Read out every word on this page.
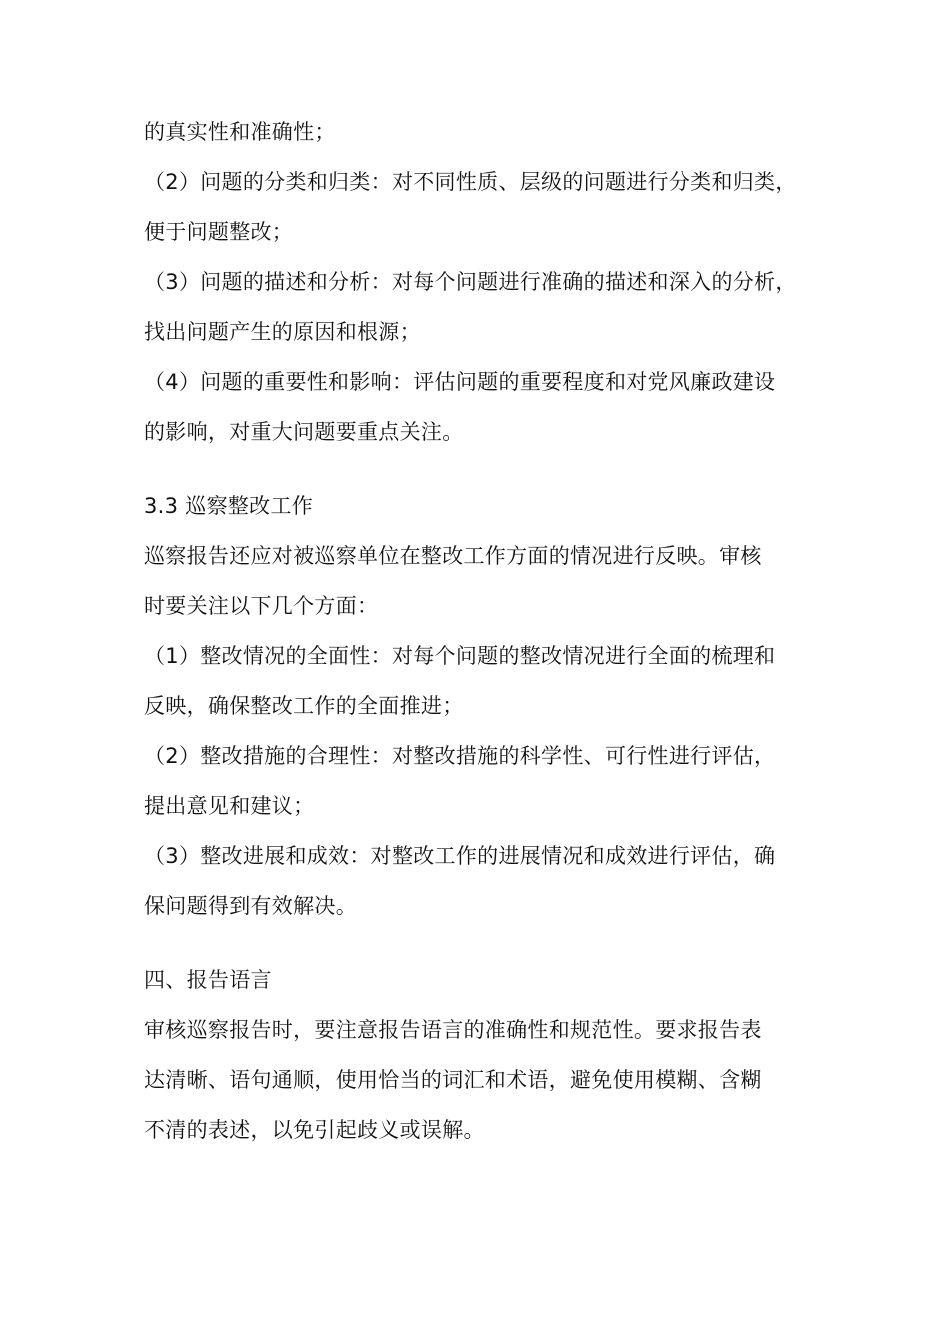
的真实性和准确性；
（2）问题的分类和归类：对不同性质、层级的问题进行分类和归类，
便于问题整改；
（3）问题的描述和分析：对每个问题进行准确的描述和深入的分析，
找出问题产生的原因和根源；
（4）问题的重要性和影响：评估问题的重要程度和对党风廉政建设
的影响，对重大问题要重点关注。
3.3 巡察整改工作
巡察报告还应对被巡察单位在整改工作方面的情况进行反映。审核
时要关注以下几个方面：
（1）整改情况的全面性：对每个问题的整改情况进行全面的梳理和
反映，确保整改工作的全面推进；
（2）整改措施的合理性：对整改措施的科学性、可行性进行评估，
提出意见和建议；
（3）整改进展和成效：对整改工作的进展情况和成效进行评估，确
保问题得到有效解决。
四、报告语言
审核巡察报告时，要注意报告语言的准确性和规范性。要求报告表
达清晰、语句通顺，使用恰当的词汇和术语，避免使用模糊、含糊
不清的表述，以免引起歧义或误解。
